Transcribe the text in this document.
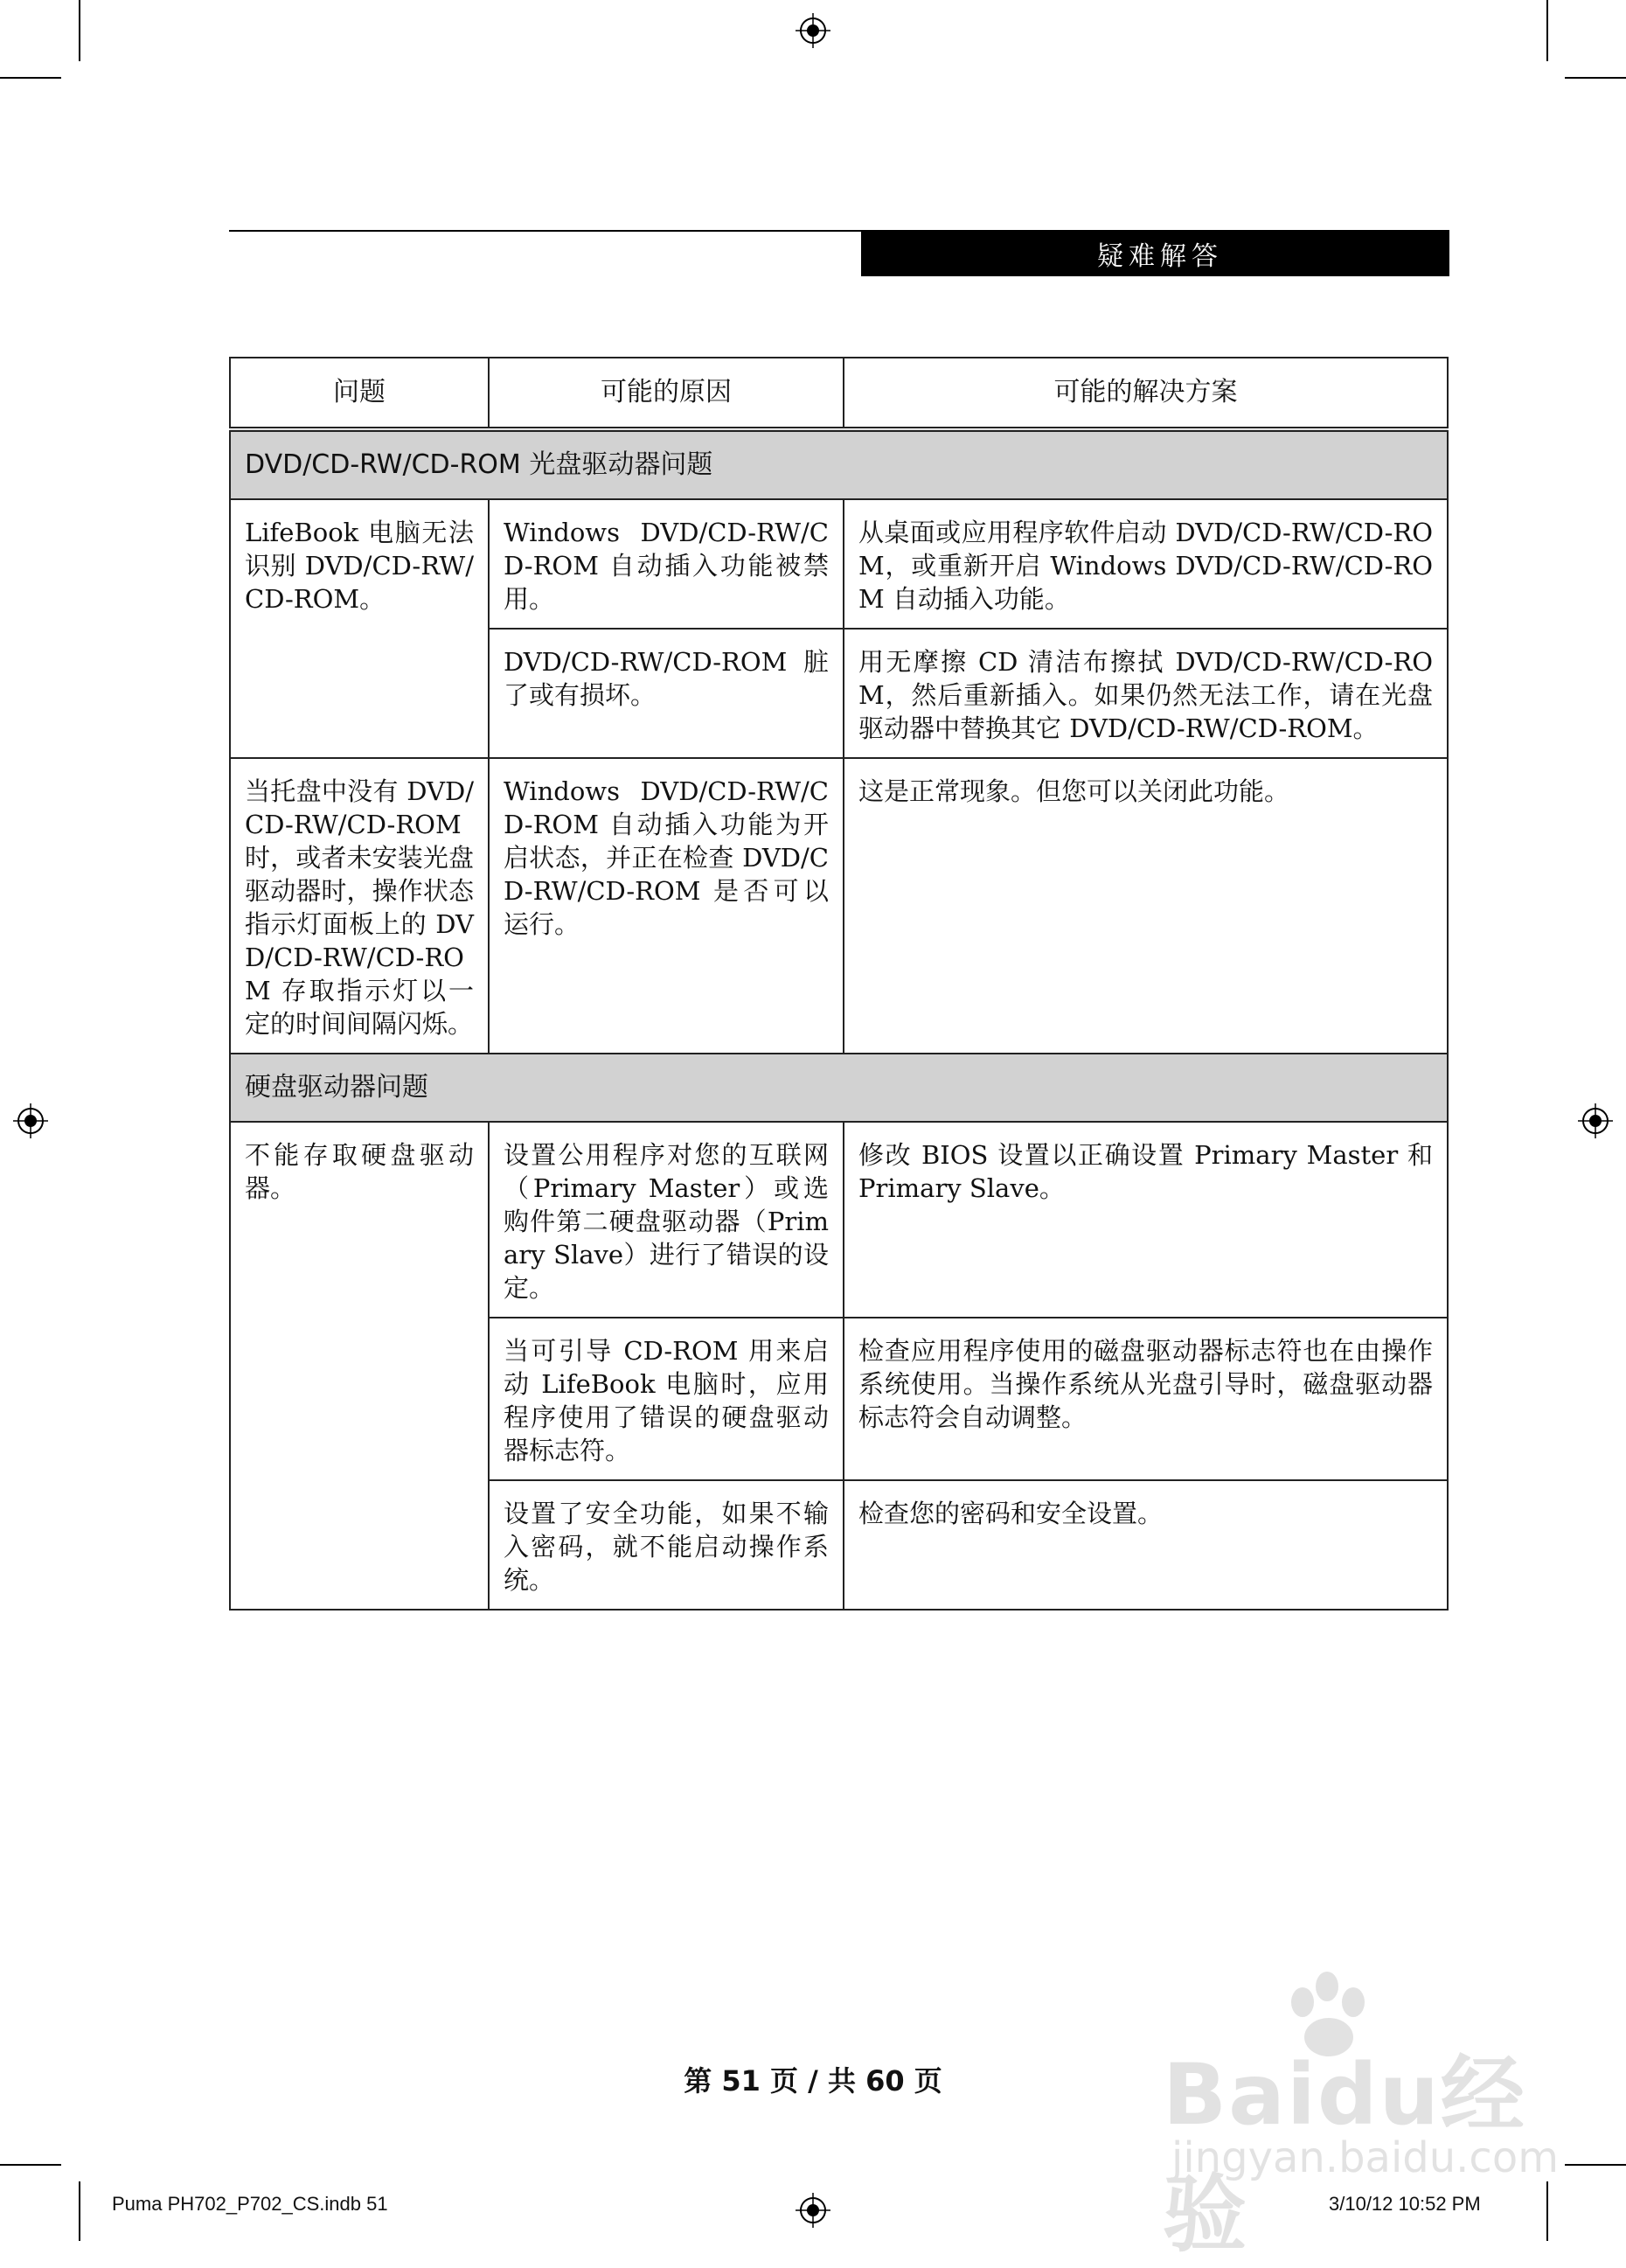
疑难解答
问题	可能的原因	可能的解决方案
DVD/CD-RW/CD-ROM 光盘驱动器问题		
LifeBook 电脑无法识别 DVD/CD-RW/CD-ROM。	Windows DVD/CD-RW/CD-ROM 自动插入功能被禁用。	从桌面或应用程序软件启动 DVD/CD-RW/CD-ROM，或重新开启 Windows DVD/CD-RW/CD-ROM 自动插入功能。
	DVD/CD-RW/CD-ROM 脏了或有损坏。	用无摩擦 CD 清洁布擦拭 DVD/CD-RW/CD-ROM，然后重新插入。如果仍然无法工作，请在光盘驱动器中替换其它 DVD/CD-RW/CD-ROM。
当托盘中没有 DVD/CD-RW/CD-ROM 时，或者未安装光盘驱动器时，操作状态指示灯面板上的 DVD/CD-RW/CD-ROM 存取指示灯以一定的时间间隔闪烁。	Windows DVD/CD-RW/CD-ROM 自动插入功能为开启状态，并正在检查 DVD/CD-RW/CD-ROM 是否可以运行。	这是正常现象。但您可以关闭此功能。
硬盘驱动器问题		
不能存取硬盘驱动器。	设置公用程序对您的互联网（Primary Master）或选购件第二硬盘驱动器（Primary Slave）进行了错误的设定。	修改 BIOS 设置以正确设置 Primary Master 和 Primary Slave。
	当可引导 CD-ROM 用来启动 LifeBook 电脑时，应用程序使用了错误的硬盘驱动器标志符。	检查应用程序使用的磁盘驱动器标志符也在由操作系统使用。当操作系统从光盘引导时，磁盘驱动器标志符会自动调整。
	设置了安全功能，如果不输入密码，就不能启动操作系统。	检查您的密码和安全设置。
第 51 页 / 共 60 页	Baidu经验
jingyan.baidu.com
Puma PH702_P702_CS.indb 51	3/10/12 10:52 PM
